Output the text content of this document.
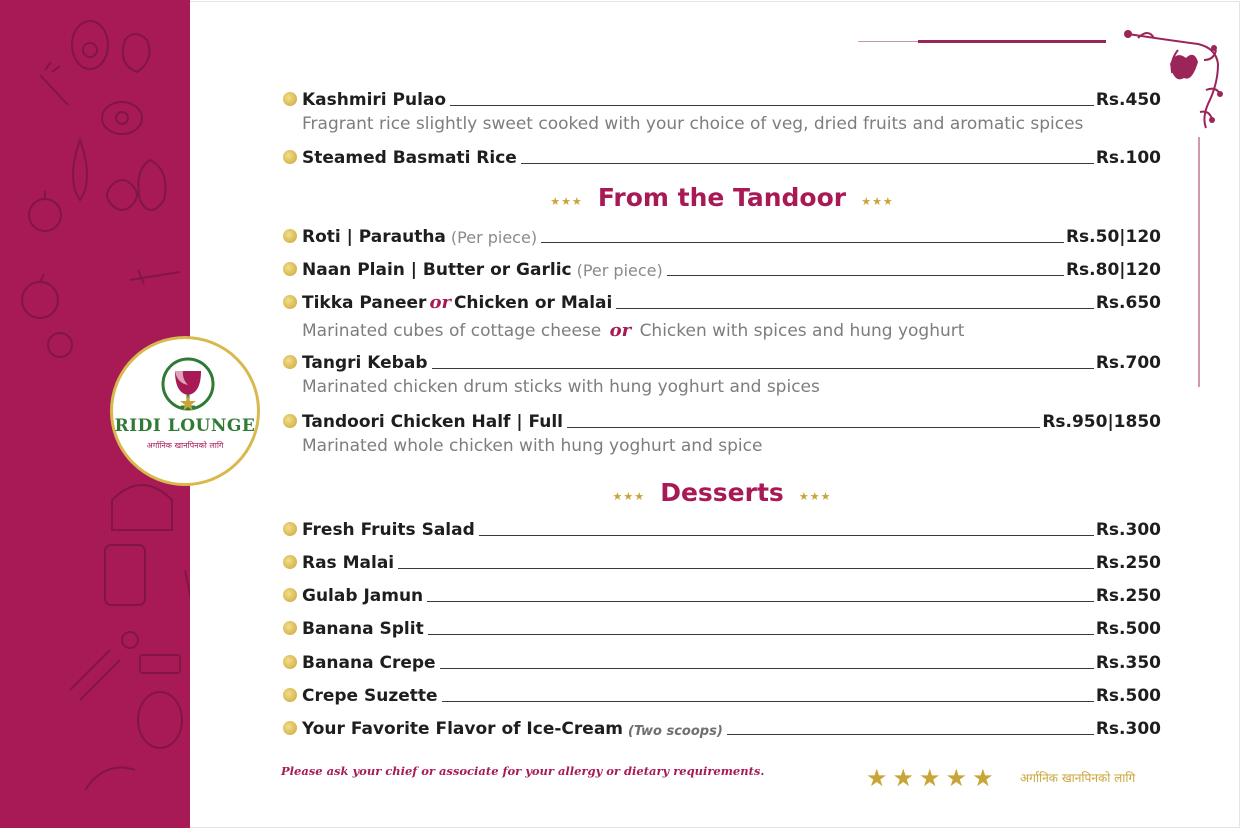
RIDI LOUNGE
अर्गानिक खानपिनको लागि
Kashmiri Pulao	Rs.450
Fragrant rice slightly sweet cooked with your choice of veg, dried fruits and aromatic spices
Steamed Basmati Rice	Rs.100
★★★ From the Tandoor ★★★
Roti | Parautha (Per piece)	Rs.50|120
Naan Plain | Butter or Garlic (Per piece)	Rs.80|120
Tikka Paneer or Chicken or Malai	Rs.650
Marinated cubes of cottage cheese or Chicken with spices and hung yoghurt
Tangri Kebab	Rs.700
Marinated chicken drum sticks with hung yoghurt and spices
Tandoori Chicken Half | Full	Rs.950|1850
Marinated whole chicken with hung yoghurt and spice
★★★ Desserts ★★★
Fresh Fruits Salad	Rs.300
Ras Malai	Rs.250
Gulab Jamun	Rs.250
Banana Split	Rs.500
Banana Crepe	Rs.350
Crepe Suzette	Rs.500
Your Favorite Flavor of Ice-Cream (Two scoops)	Rs.300
Please ask your chief or associate for your allergy or dietary requirements.	★★★★★ अर्गानिक खानपिनको लागि
